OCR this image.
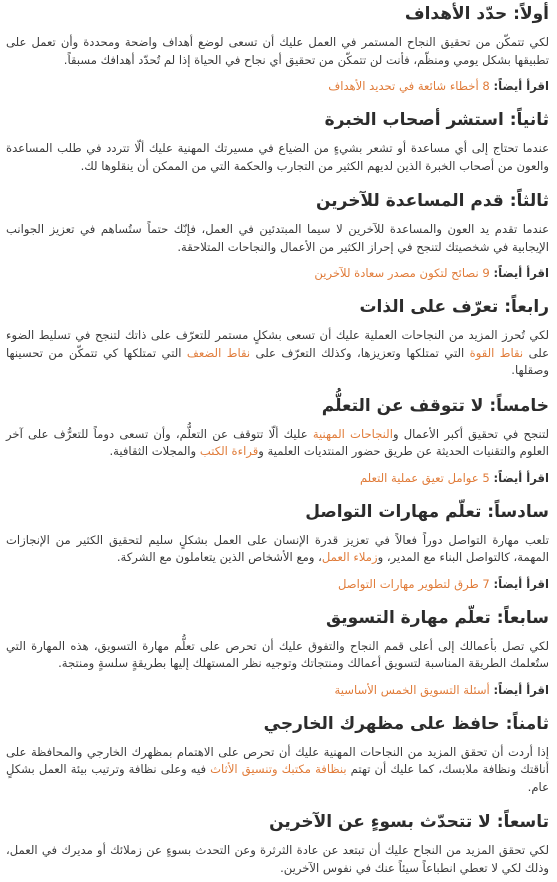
أولاً: حدّد الأهداف

لكي تتمكّن من تحقيق النجاح المستمر في العمل عليك أن تسعى لوضع أهداف واضحة ومحددة وأن تعمل على تطبيقها بشكل يومي ومنظّم، فأنت لن تتمكّن من تحقيق أي نجاح في الحياة إذا لم تُحدّد أهدافك مسبقاً.

اقرأ أيضاً: 8 أخطاء شائعة في تحديد الأهداف
ثانياً: استشر أصحاب الخبرة

عندما تحتاج إلى أي مساعدة أو تشعر بشيءٍ من الضياع في مسيرتك المهنية عليك ألّا تتردد في طلب المساعدة والعون من أصحاب الخبرة الذين لديهم الكثير من التجارب والحكمة التي من الممكن أن ينقلوها لك.

ثالثاً: قدم المساعدة للآخرين

عندما تقدم يد العون والمساعدة للآخرين لا سيما المبتدئين في العمل، فإنّك حتماً ستُساهم في تعزيز الجوانب الإيجابية في شخصيتك لتنجح في إحراز الكثير من الأعمال والنجاحات المتلاحقة.

اقرأ أيضاً: 9 نصائح لتكون مصدر سعادة للآخرين
رابعاً: تعرّف على الذات

لكي تُحرز المزيد من النجاحات العملية عليك أن تسعى بشكلٍ مستمر للتعرّف على ذاتك لتنجح في تسليط الضوء على نقاط القوة التي تمتلكها وتعزيزها، وكذلك التعرّف على نقاط الضعف التي تمتلكها كي تتمكّن من تحسينها وصقلها.

خامساً: لا تتوقف عن التعلُّم

لتنجح في تحقيق أكبر الأعمال والنجاحات المهنية عليك ألّا تتوقف عن التعلُّم، وأن تسعى دوماً للتعرُّف على آخر العلوم والتقنيات الحديثة عن طريق حضور المنتديات العلمية وقراءة الكتب والمجلات الثقافية.

اقرأ أيضاً: 5 عوامل تعيق عملية التعلم
سادساً: تعلّم مهارات التواصل

تلعب مهارة التواصل دوراً فعالاً في تعزيز قدرة الإنسان على العمل بشكلٍ سليم لتحقيق الكثير من الإنجازات المهمة، كالتواصل البناء مع المدير، وزملاء العمل، ومع الأشخاص الذين يتعاملون مع الشركة.

اقرأ أيضاً: 7 طرق لتطوير مهارات التواصل
سابعاً: تعلّم مهارة التسويق

لكي تصل بأعمالك إلى أعلى قمم النجاح والتفوق عليك أن تحرص على تعلُّم مهارة التسويق، هذه المهارة التي ستُعلمك الطريقة المناسبة لتسويق أعمالك ومنتجاتك وتوجيه نظر المستهلك إليها بطريقةٍ سلسةٍ ومنتجة.

اقرأ أيضاً: أسئلة التسويق الخمس الأساسية
ثامناً: حافظ على مظهرك الخارجي

إذا أردت أن تحقق المزيد من النجاحات المهنية عليك أن تحرص على الاهتمام بمظهرك الخارجي والمحافظة على أناقتك ونظافة ملابسك، كما عليك أن تهتم بنظافة مكتبك وتنسيق الأثاث فيه وعلى نظافة وترتيب بيئة العمل بشكلٍ عام.

تاسعاً: لا تتحدّث بسوءٍ عن الآخرين

لكي تحقق المزيد من النجاح عليك أن تبتعد عن عادة الثرثرة وعن التحدث بسوءٍ عن زملائك أو مديرك في العمل، وذلك لكي لا تعطي انطباعاً سيئاً عنك في نفوس الآخرين.
